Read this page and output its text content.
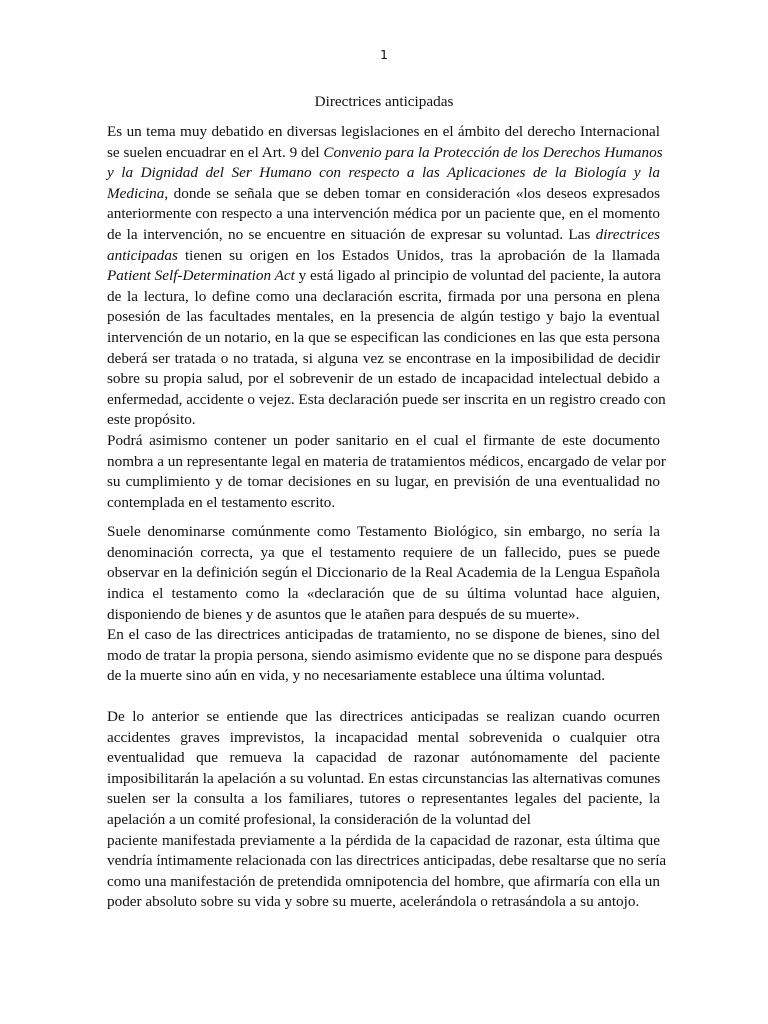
1
Directrices anticipadas
Es un tema muy debatido en diversas legislaciones en el ámbito del derecho Internacional
se suelen encuadrar en el Art. 9 del Convenio para la Protección de los Derechos Humanos
y la Dignidad del Ser Humano con respecto a las Aplicaciones de la Biología y la
Medicina, donde se señala que se deben tomar en consideración «los deseos expresados
anteriormente con respecto a una intervención médica por un paciente que, en el momento
de la intervención, no se encuentre en situación de expresar su voluntad. Las directrices
anticipadas tienen su origen en los Estados Unidos, tras la aprobación de la llamada
Patient Self-Determination Act y está ligado al principio de voluntad del paciente, la autora
de la lectura, lo define como una declaración escrita, firmada por una persona en plena
posesión de las facultades mentales, en la presencia de algún testigo y bajo la eventual
intervención de un notario, en la que se especifican las condiciones en las que esta persona
deberá ser tratada o no tratada, si alguna vez se encontrase en la imposibilidad de decidir
sobre su propia salud, por el sobrevenir de un estado de incapacidad intelectual debido a
enfermedad, accidente o vejez. Esta declaración puede ser inscrita en un registro creado con
este propósito.
Podrá asimismo contener un poder sanitario en el cual el firmante de este documento
nombra a un representante legal en materia de tratamientos médicos, encargado de velar por
su cumplimiento y de tomar decisiones en su lugar, en previsión de una eventualidad no
contemplada en el testamento escrito.
Suele denominarse comúnmente como Testamento Biológico, sin embargo, no sería la
denominación correcta, ya que el testamento requiere de un fallecido, pues se puede
observar en la definición según el Diccionario de la Real Academia de la Lengua Española
indica el testamento como la «declaración que de su última voluntad hace alguien,
disponiendo de bienes y de asuntos que le atañen para después de su muerte».
En el caso de las directrices anticipadas de tratamiento, no se dispone de bienes, sino del
modo de tratar la propia persona, siendo asimismo evidente que no se dispone para después
de la muerte sino aún en vida, y no necesariamente establece una última voluntad.
De lo anterior se entiende que las directrices anticipadas se realizan cuando ocurren
accidentes graves imprevistos, la incapacidad mental sobrevenida o cualquier otra
eventualidad que remueva la capacidad de razonar autónomamente del paciente
imposibilitarán la apelación a su voluntad. En estas circunstancias las alternativas comunes
suelen ser la consulta a los familiares, tutores o representantes legales del paciente, la
apelación a un comité profesional, la consideración de la voluntad del
paciente manifestada previamente a la pérdida de la capacidad de razonar, esta última que
vendría íntimamente relacionada con las directrices anticipadas, debe resaltarse que no sería
como una manifestación de pretendida omnipotencia del hombre, que afirmaría con ella un
poder absoluto sobre su vida y sobre su muerte, acelerándola o retrasándola a su antojo.
